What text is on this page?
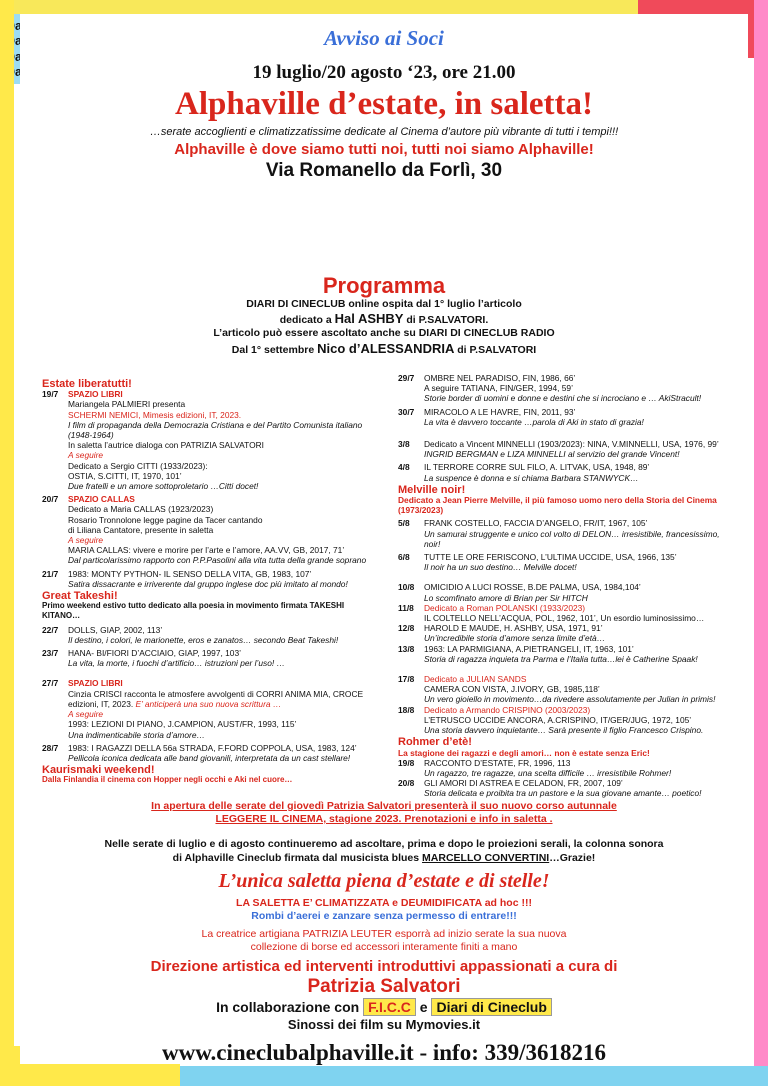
Avviso ai Soci
19 luglio/20 agosto ‘23, ore 21.00
Alphaville d’estate, in saletta!
…serate accoglienti e climatizzatissime dedicate al Cinema d’autore più vibrante di tutti i tempi!!!
Alphaville è dove siamo tutti noi, tutti noi siamo Alphaville!
Via Romanello da Forlì, 30
Programma
DIARI DI CINECLUB online ospita dal 1° luglio l’articolo
dedicato a Hal ASHBY di P.SALVATORI.
L’articolo può essere ascoltato anche su DIARI DI CINECLUB RADIO
Dal 1° settembre Nico d’ALESSANDRIA di P.SALVATORI
Estate liberatutti!
19/7	SPAZIO LIBRI

Mariangela PALMIERI presenta

SCHERMI NEMICI, Mimesis edizioni, IT, 2023.

I film di propaganda della Democrazia Cristiana e del Partito Comunista italiano (1948-1964)

In saletta l’autrice dialoga con PATRIZIA SALVATORI

A seguire

Dedicato a Sergio CITTI (1933/2023):

OSTIA, S.CITTI, IT, 1970, 101’

Due fratelli e un amore sottoproletario …Citti docet!

20/7	SPAZIO CALLAS

Dedicato a Maria CALLAS (1923/2023)

Rosario Tronnolone legge pagine da Tacer cantando

di Liliana Cantatore, presente in saletta

A seguire

MARIA CALLAS: vivere e morire per l’arte e l’amore, AA.VV, GB, 2017, 71’

Dal particolarissimo rapporto con P.P.Pasolini alla vita tutta della grande soprano

21/7	1983: MONTY PYTHON- IL SENSO DELLA VITA, GB, 1983, 107’

Satira dissacrante e irriverente dal gruppo inglese doc più imitato al mondo!

Great Takeshi!

Primo weekend estivo tutto dedicato alla poesia in movimento firmata TAKESHI KITANO…

22/7	DOLLS, GIAP, 2002, 113’

Il destino, i colori, le marionette, eros e zanatos… secondo Beat Takeshi!

23/7	HANA- BI/FIORI D’ACCIAIO, GIAP, 1997, 103’

La vita, la morte, i fuochi d’artificio… istruzioni per l’uso! …

27/7	SPAZIO LIBRI

Cinzia CRISCI racconta le atmosfere avvolgenti di CORRI ANIMA MIA, CROCE edizioni, IT, 2023. E’ anticiperà una suo nuova scrittura …

A seguire

1993: LEZIONI DI PIANO, J.CAMPION, AUST/FR, 1993, 115’

Una indimenticabile storia d’amore…

28/7	1983: I RAGAZZI DELLA 56a STRADA, F.FORD COPPOLA, USA, 1983, 124’

Pellicola iconica dedicata alle band giovanili, interpretata da un cast stellare!

Kaurismaki weekend!

Dalla Finlandia il cinema con Hopper negli occhi e Aki nel cuore…

29/7	OMBRE NEL PARADISO, FIN, 1986, 66’

A seguire TATIANA, FIN/GER, 1994, 59’

Storie border di uomini e donne e destini che si incrociano e … AkiStracult!

30/7	MIRACOLO A LE HAVRE, FIN, 2011, 93’

La vita è davvero toccante …parola di Aki in stato di grazia!

3/8	Dedicato a Vincent MINNELLI (1903/2023): NINA, V.MINNELLI, USA, 1976, 99’

INGRID BERGMAN e LIZA MINNELLI al servizio del grande Vincent!

4/8	IL TERRORE CORRE SUL FILO, A. LITVAK, USA, 1948, 89’

La suspence è donna e si chiama Barbara STANWYCK…

Melville noir!

Dedicato a Jean Pierre Melville, il più famoso uomo nero della Storia del Cinema (1973/2023)

5/8	FRANK COSTELLO, FACCIA D’ANGELO, FR/IT, 1967, 105’

Un samurai struggente e unico col volto di DELON… irresistibile, francesissimo, noir!

6/8	TUTTE LE ORE FERISCONO, L’ULTIMA UCCIDE, USA, 1966, 135’

Il noir ha un suo destino… Melville docet!

10/8	OMICIDIO A LUCI ROSSE, B.DE PALMA, USA, 1984,104’

Lo scomfinato amore di Brian per Sir HITCH

11/8	Dedicato a Roman POLANSKI (1933/2023)

IL COLTELLO NELL’ACQUA, POL, 1962, 101’, Un esordio luminosissimo…

12/8	HAROLD E MAUDE, H. ASHBY, USA, 1971, 91’

Un’incredibile storia d’amore senza limite d’età…

13/8	1963: LA PARMIGIANA, A.PIETRANGELI, IT, 1963, 101’

Storia di ragazza inquieta tra Parma e l’Italia tutta…lei è Catherine Spaak!

17/8	Dedicato a JULIAN SANDS

CAMERA CON VISTA, J.IVORY, GB, 1985,118’

Un vero gioiello in movimento…da rivedere assolutamente per Julian in primis!

18/8	Dedicato a Armando CRISPINO (2003/2023)

L’ETRUSCO UCCIDE ANCORA, A.CRISPINO, IT/GER/JUG, 1972, 105’

Una storia davvero inquietante… Sarà presente il figlio Francesco Crispino.

Rohmer d’etè!

La stagione dei ragazzi e degli amori… non è estate senza Eric!

19/8	RACCONTO D’ESTATE, FR, 1996, 113

Un ragazzo, tre ragazze, una scelta difficile … irresistibile Rohmer!

20/8	GLI AMORI DI ASTREA E CELADON, FR, 2007, 109’

Storia delicata e proibita tra un pastore e la sua giovane amante… poetico!

In apertura delle serate del giovedì Patrizia Salvatori presenterà il suo nuovo corso autunnale LEGGERE IL CINEMA, stagione 2023. Prenotazioni e info in saletta .
Nelle serate di luglio e di agosto continueremo ad ascoltare, prima e dopo le proiezioni serali, la colonna sonora di Alphaville Cineclub firmata dal musicista blues MARCELLO CONVERTINI…Grazie!
L’unica saletta piena d’estate e di stelle!
LA SALETTA E’ CLIMATIZZATA e DEUMIDIFICATA ad hoc !!!
Rombi d’aerei e zanzare senza permesso di entrare!!!
La creatrice artigiana PATRIZIA LEUTER esporrà ad inizio serate la sua nuova collezione di borse ed accessori interamente finiti a mano
Direzione artistica ed interventi introduttivi appassionati a cura di
Patrizia Salvatori
In collaborazione con F.I.C.C e Diari di Cineclub
Sinossi dei film su Mymovies.it
www.cineclubalphaville.it - info: 339/3618216
